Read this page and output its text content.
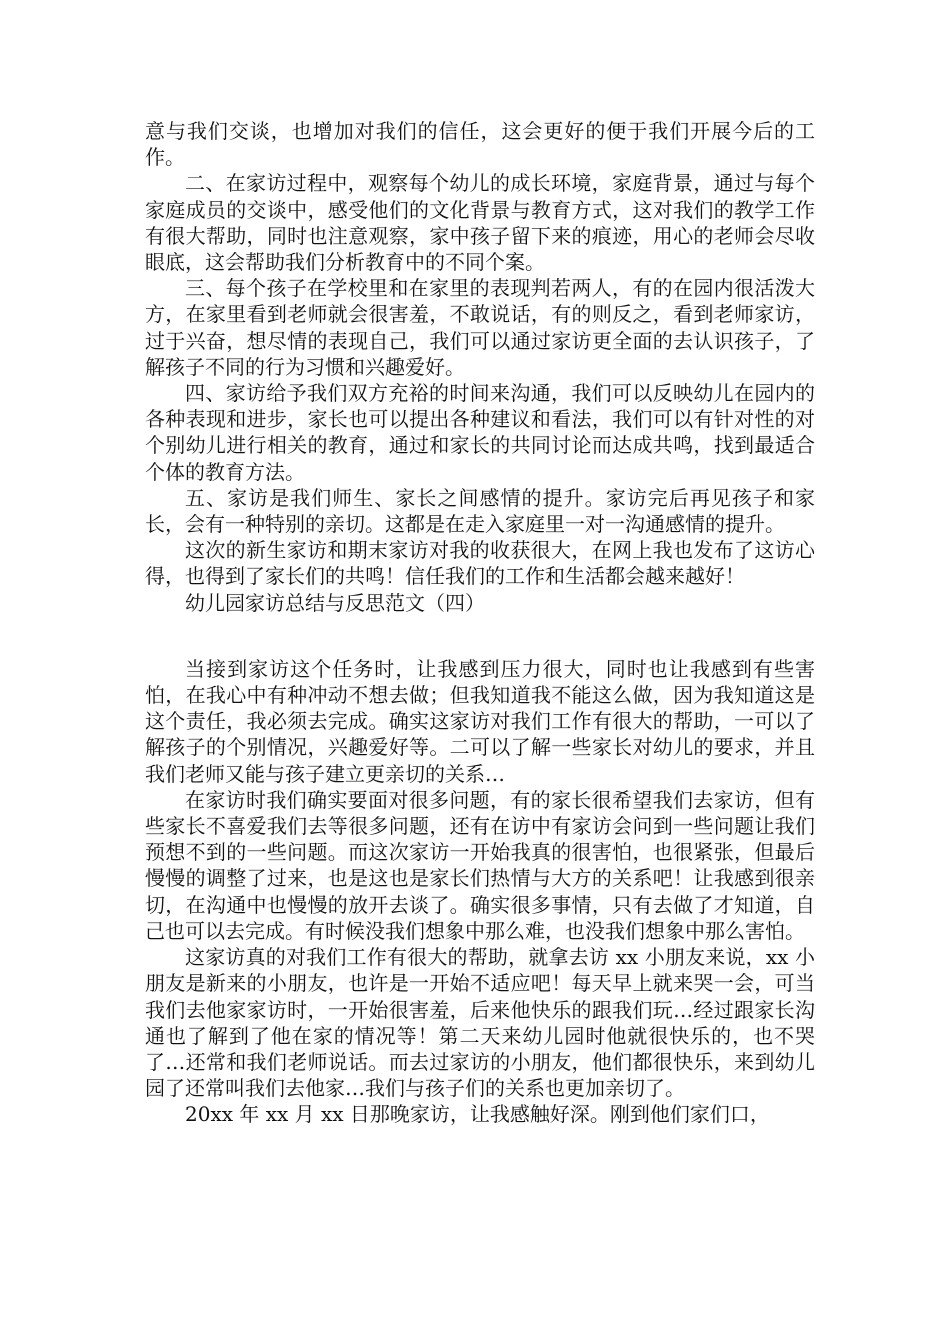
意与我们交谈，也增加对我们的信任，这会更好的便于我们开展今后的工作。

二、在家访过程中，观察每个幼儿的成长环境，家庭背景，通过与每个家庭成员的交谈中，感受他们的文化背景与教育方式，这对我们的教学工作有很大帮助，同时也注意观察，家中孩子留下来的痕迹，用心的老师会尽收眼底，这会帮助我们分析教育中的不同个案。

三、每个孩子在学校里和在家里的表现判若两人，有的在园内很活泼大方，在家里看到老师就会很害羞，不敢说话，有的则反之，看到老师家访，过于兴奋，想尽情的表现自己，我们可以通过家访更全面的去认识孩子，了解孩子不同的行为习惯和兴趣爱好。

四、家访给予我们双方充裕的时间来沟通，我们可以反映幼儿在园内的各种表现和进步，家长也可以提出各种建议和看法，我们可以有针对性的对个别幼儿进行相关的教育，通过和家长的共同讨论而达成共鸣，找到最适合个体的教育方法。

五、家访是我们师生、家长之间感情的提升。家访完后再见孩子和家长，会有一种特别的亲切。这都是在走入家庭里一对一沟通感情的提升。

这次的新生家访和期末家访对我的收获很大，在网上我也发布了这访心得，也得到了家长们的共鸣！信任我们的工作和生活都会越来越好！

幼儿园家访总结与反思范文（四）

当接到家访这个任务时，让我感到压力很大，同时也让我感到有些害怕，在我心中有种冲动不想去做；但我知道我不能这么做，因为我知道这是这个责任，我必须去完成。确实这家访对我们工作有很大的帮助，一可以了解孩子的个别情况，兴趣爱好等。二可以了解一些家长对幼儿的要求，并且我们老师又能与孩子建立更亲切的关系…

在家访时我们确实要面对很多问题，有的家长很希望我们去家访，但有些家长不喜爱我们去等很多问题，还有在访中有家访会问到一些问题让我们预想不到的一些问题。而这次家访一开始我真的很害怕，也很紧张，但最后慢慢的调整了过来，也是这也是家长们热情与大方的关系吧！让我感到很亲切，在沟通中也慢慢的放开去谈了。确实很多事情，只有去做了才知道，自己也可以去完成。有时候没我们想象中那么难，也没我们想象中那么害怕。

这家访真的对我们工作有很大的帮助，就拿去访 xx 小朋友来说，xx 小朋友是新来的小朋友，也许是一开始不适应吧！每天早上就来哭一会，可当我们去他家家访时，一开始很害羞，后来他快乐的跟我们玩…经过跟家长沟通也了解到了他在家的情况等！第二天来幼儿园时他就很快乐的，也不哭了…还常和我们老师说话。而去过家访的小朋友，他们都很快乐，来到幼儿园了还常叫我们去他家…我们与孩子们的关系也更加亲切了。

20xx 年 xx 月 xx 日那晚家访，让我感触好深。刚到他们家们口，
